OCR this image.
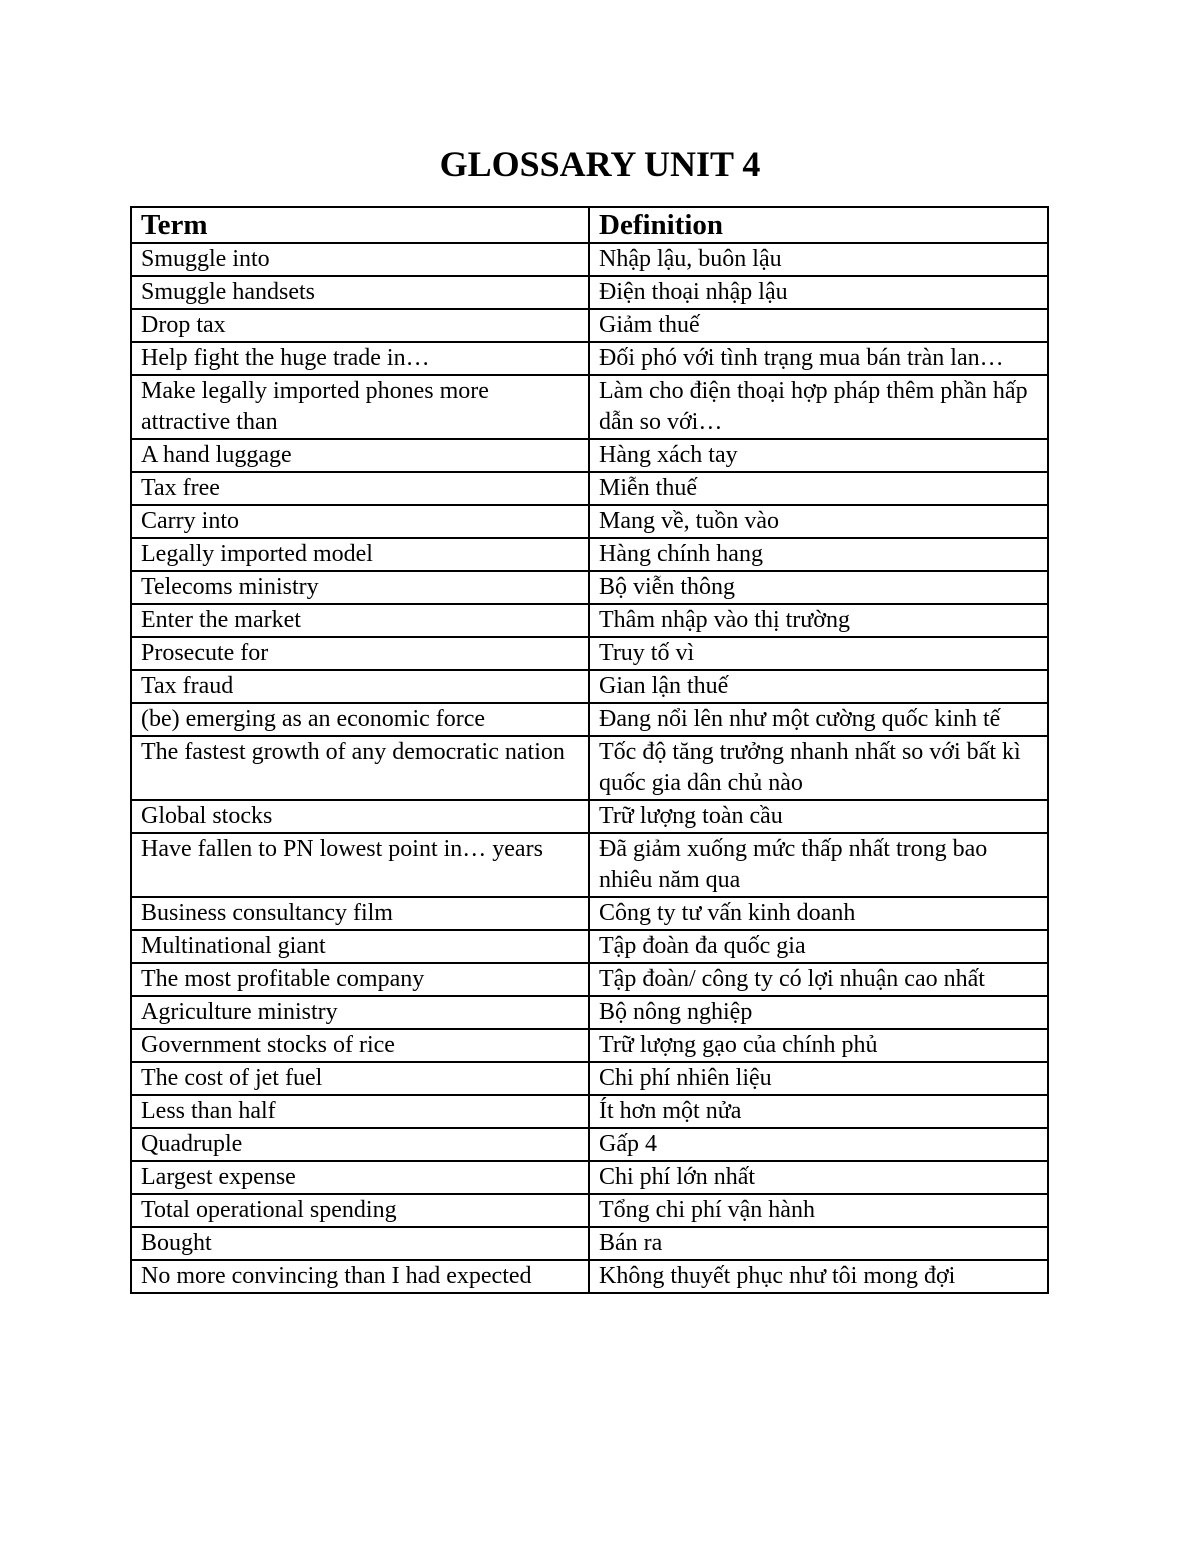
GLOSSARY UNIT 4
Term	Definition
Smuggle into	Nhập lậu, buôn lậu
Smuggle handsets	Điện thoại nhập lậu
Drop tax	Giảm thuế
Help fight the huge trade in…	Đối phó với tình trạng mua bán tràn lan…
Make legally imported phones more attractive than	Làm cho điện thoại hợp pháp thêm phần hấp dẫn so với…
A hand luggage	Hàng xách tay
Tax free	Miễn thuế
Carry into	Mang về, tuồn vào
Legally imported model	Hàng chính hang
Telecoms ministry	Bộ viễn thông
Enter the market	Thâm nhập vào thị trường
Prosecute for	Truy tố vì
Tax fraud	Gian lận thuế
(be) emerging as an economic force	Đang nổi lên như một cường quốc kinh tế
The fastest growth of any democratic nation	Tốc độ tăng trưởng nhanh nhất so với bất kì quốc gia dân chủ nào
Global stocks	Trữ lượng toàn cầu
Have fallen to PN lowest point in… years	Đã giảm xuống mức thấp nhất trong bao nhiêu năm qua
Business consultancy film	Công ty tư vấn kinh doanh
Multinational giant	Tập đoàn đa quốc gia
The most profitable company	Tập đoàn/ công ty có lợi nhuận cao nhất
Agriculture ministry	Bộ nông nghiệp
Government stocks of rice	Trữ lượng gạo của chính phủ
The cost of jet fuel	Chi phí nhiên liệu
Less than half	Ít hơn một nửa
Quadruple	Gấp 4
Largest expense	Chi phí lớn nhất
Total operational spending	Tổng chi phí vận hành
Bought	Bán ra
No more convincing than I had expected	Không thuyết phục như tôi mong đợi
